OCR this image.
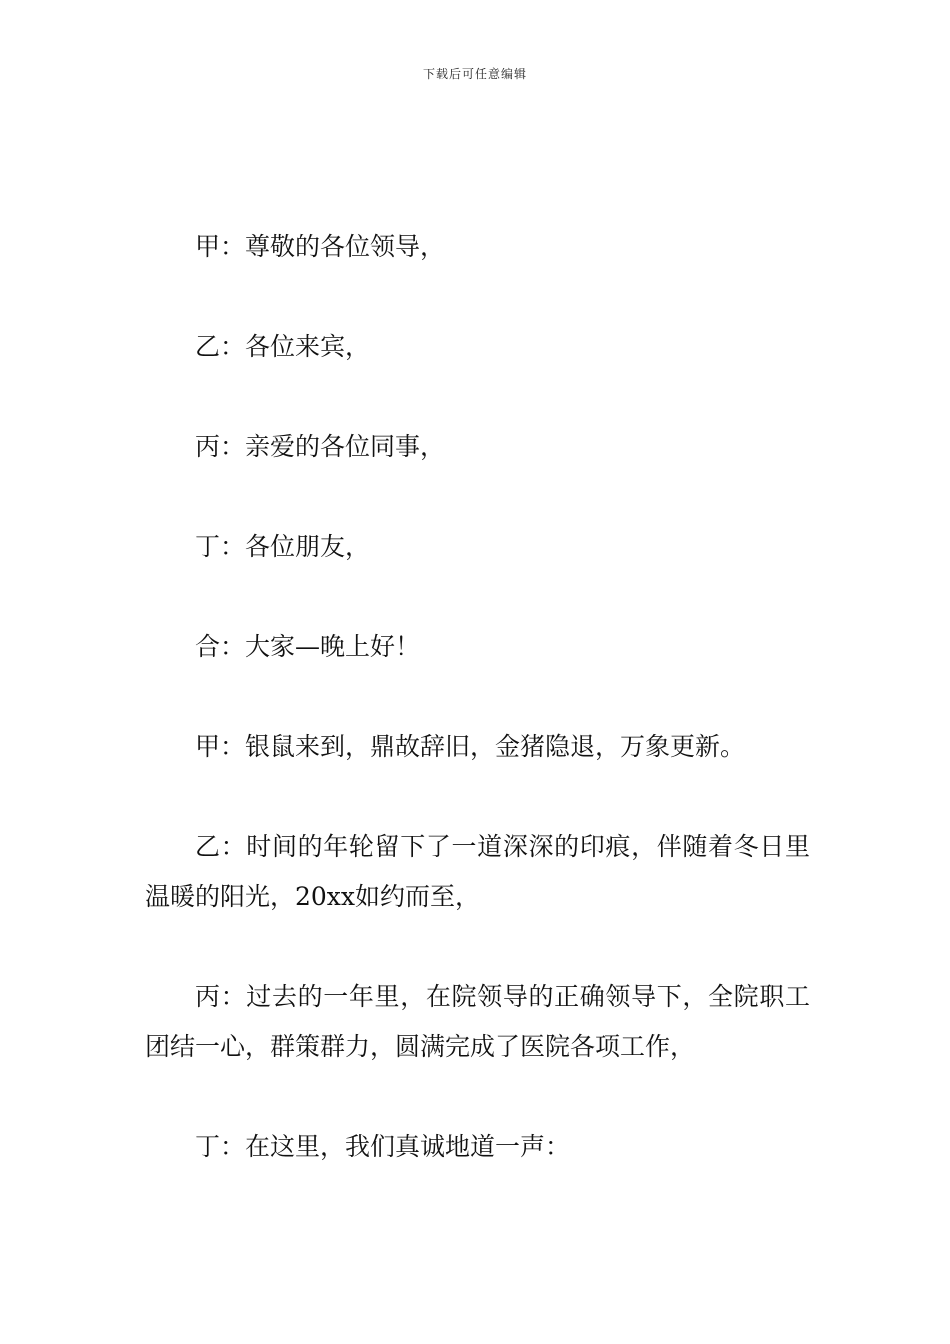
下载后可任意编辑

甲：尊敬的各位领导，

乙：各位来宾，

丙：亲爱的各位同事，

丁：各位朋友，

合：大家—晚上好！

甲：银鼠来到，鼎故辞旧，金猪隐退，万象更新。

乙：时间的年轮留下了一道深深的印痕，伴随着冬日里温暖的阳光，20xx如约而至，

丙：过去的一年里，在院领导的正确领导下，全院职工团结一心，群策群力，圆满完成了医院各项工作，

丁：在这里，我们真诚地道一声：
